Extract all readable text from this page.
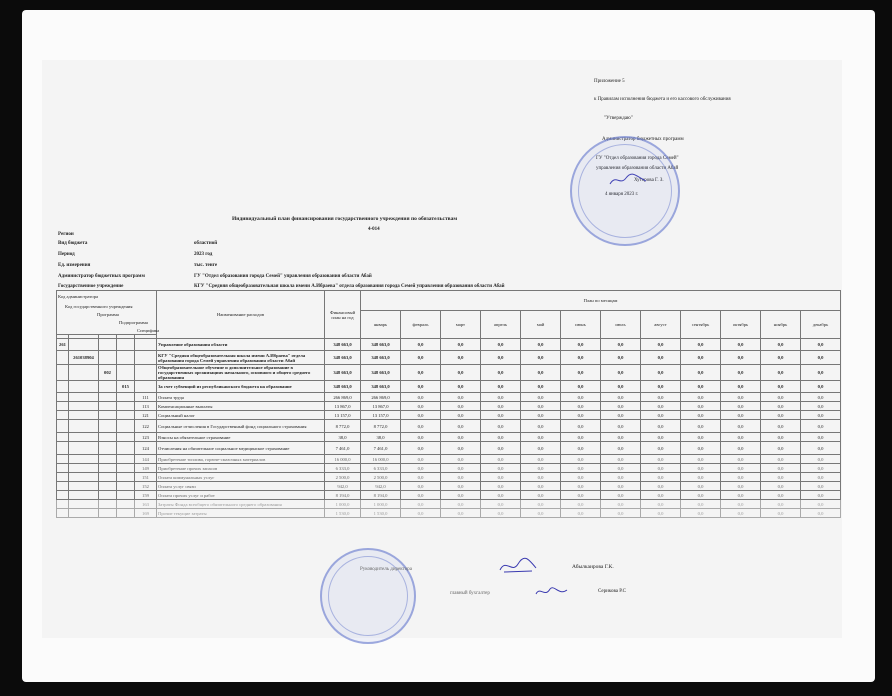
Приложение 5
к Правилам исполнения бюджета и его кассового обслуживания
"Утверждаю"
Администратор бюджетных программ
ГУ "Отдел образования города Семей"
управления образования области Абай
Хуторова Г. З.
4 января 2023 г.
Индивидуальный план финансирования государственного учреждения по обязательствам
4-014
Регион
Вид бюджета	областной
Период	2023 год
Ед. измерения	тыс. тенге
Администратор бюджетных программ	ГУ "Отдел образования города Семей" управления образования области Абай
Государственное учреждение	КГУ "Средняя общеобразовательная школа имени А.Ибраева" отдела образования города Семей управления образования области Абай
Код администратора					Наименование расходов	Финансовый план на год	План по месяцам											
Код государственного учреждения																		
Программа							январь	февраль	март	апрель	май	июнь	июль	август	сентябрь	октябрь	ноябрь	декабрь
Подпрограмма																		
Специфика																		

261					Управление образования области	348 663,0	348 663,0	0,0	0,0	0,0	0,0	0,0	0,0	0,0	0,0	0,0	0,0	0,0
	261038904				КГУ "Средняя общеобразовательная школа имени А.Ибраева" отдела образования города Семей управления образования области Абай	348 663,0	348 663,0	0,0	0,0	0,0	0,0	0,0	0,0	0,0	0,0	0,0	0,0	0,0
		002			Общеобразовательное обучение и дополнительное образование в государственных организациях начального, основного и общего среднего образования	348 663,0	348 663,0	0,0	0,0	0,0	0,0	0,0	0,0	0,0	0,0	0,0	0,0	0,0
			015		За счет субвенций из республиканского бюджета на образование	348 663,0	348 663,0	0,0	0,0	0,0	0,0	0,0	0,0	0,0	0,0	0,0	0,0	0,0
				111	Оплата труда	266 869,0	266 869,0	0,0	0,0	0,0	0,0	0,0	0,0	0,0	0,0	0,0	0,0	0,0
				113	Компенсационные выплаты	13 867,0	13 867,0	0,0	0,0	0,0	0,0	0,0	0,0	0,0	0,0	0,0	0,0	0,0
				121	Социальный налог	13 157,0	13 157,0	0,0	0,0	0,0	0,0	0,0	0,0	0,0	0,0	0,0	0,0	0,0
				122	Социальные отчисления в Государственный фонд социального страхования	8 772,0	8 772,0	0,0	0,0	0,0	0,0	0,0	0,0	0,0	0,0	0,0	0,0	0,0
				123	Взносы на обязательное страхование	38,0	38,0	0,0	0,0	0,0	0,0	0,0	0,0	0,0	0,0	0,0	0,0	0,0
				124	Отчисления на обязательное социальное медицинское страхование	7 461,0	7 461,0	0,0	0,0	0,0	0,0	0,0	0,0	0,0	0,0	0,0	0,0	0,0
				144	Приобретение топлива, горюче-смазочных материалов	16 000,0	16 000,0	0,0	0,0	0,0	0,0	0,0	0,0	0,0	0,0	0,0	0,0	0,0
				149	Приобретение прочих запасов	6 333,0	6 333,0	0,0	0,0	0,0	0,0	0,0	0,0	0,0	0,0	0,0	0,0	0,0
				151	Оплата коммунальных услуг	2 500,0	2 500,0	0,0	0,0	0,0	0,0	0,0	0,0	0,0	0,0	0,0	0,0	0,0
				152	Оплата услуг связи	942,0	942,0	0,0	0,0	0,0	0,0	0,0	0,0	0,0	0,0	0,0	0,0	0,0
				159	Оплата прочих услуг и работ	8 194,0	8 194,0	0,0	0,0	0,0	0,0	0,0	0,0	0,0	0,0	0,0	0,0	0,0
				163	Затраты Фонда всеобщего обязательного среднего образования	1 000,0	1 000,0	0,0	0,0	0,0	0,0	0,0	0,0	0,0	0,0	0,0	0,0	0,0
				169	Прочие текущие затраты	1 530,0	1 530,0	0,0	0,0	0,0	0,0	0,0	0,0	0,0	0,0	0,0	0,0	0,0
Руководитель директора	Абылкаирова Г.К.
главный бухгалтер	Серикова Р.С
